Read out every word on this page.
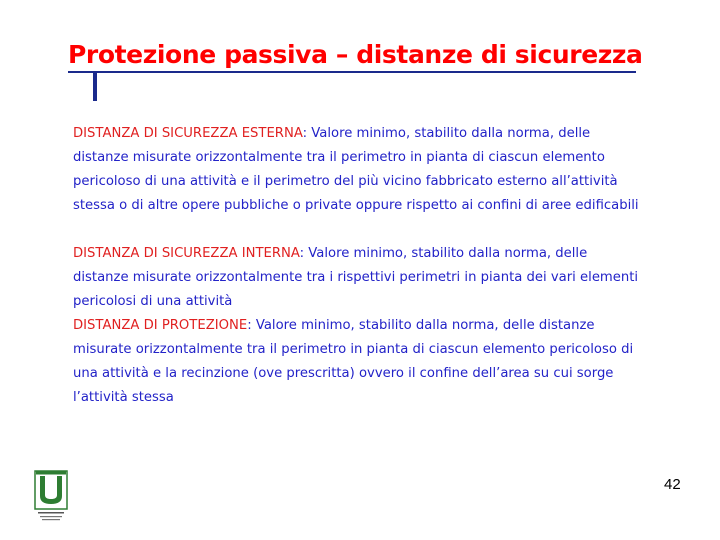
Protezione passiva – distanze di sicurezza

DISTANZA DI SICUREZZA ESTERNA: Valore minimo, stabilito dalla norma, delle distanze misurate orizzontalmente tra il perimetro in pianta di ciascun elemento pericoloso di una attività e il perimetro del più vicino fabbricato esterno all’attività stessa o di altre opere pubbliche o private oppure rispetto ai confini di aree edificabili

DISTANZA DI SICUREZZA INTERNA: Valore minimo, stabilito dalla norma, delle distanze misurate orizzontalmente tra i rispettivi perimetri in pianta dei vari elementi pericolosi di una attività

DISTANZA DI PROTEZIONE: Valore minimo, stabilito dalla norma, delle distanze misurate orizzontalmente tra il perimetro in pianta di ciascun elemento pericoloso di una attività e la recinzione (ove prescritta) ovvero il confine dell’area su cui sorge l’attività stessa

42
